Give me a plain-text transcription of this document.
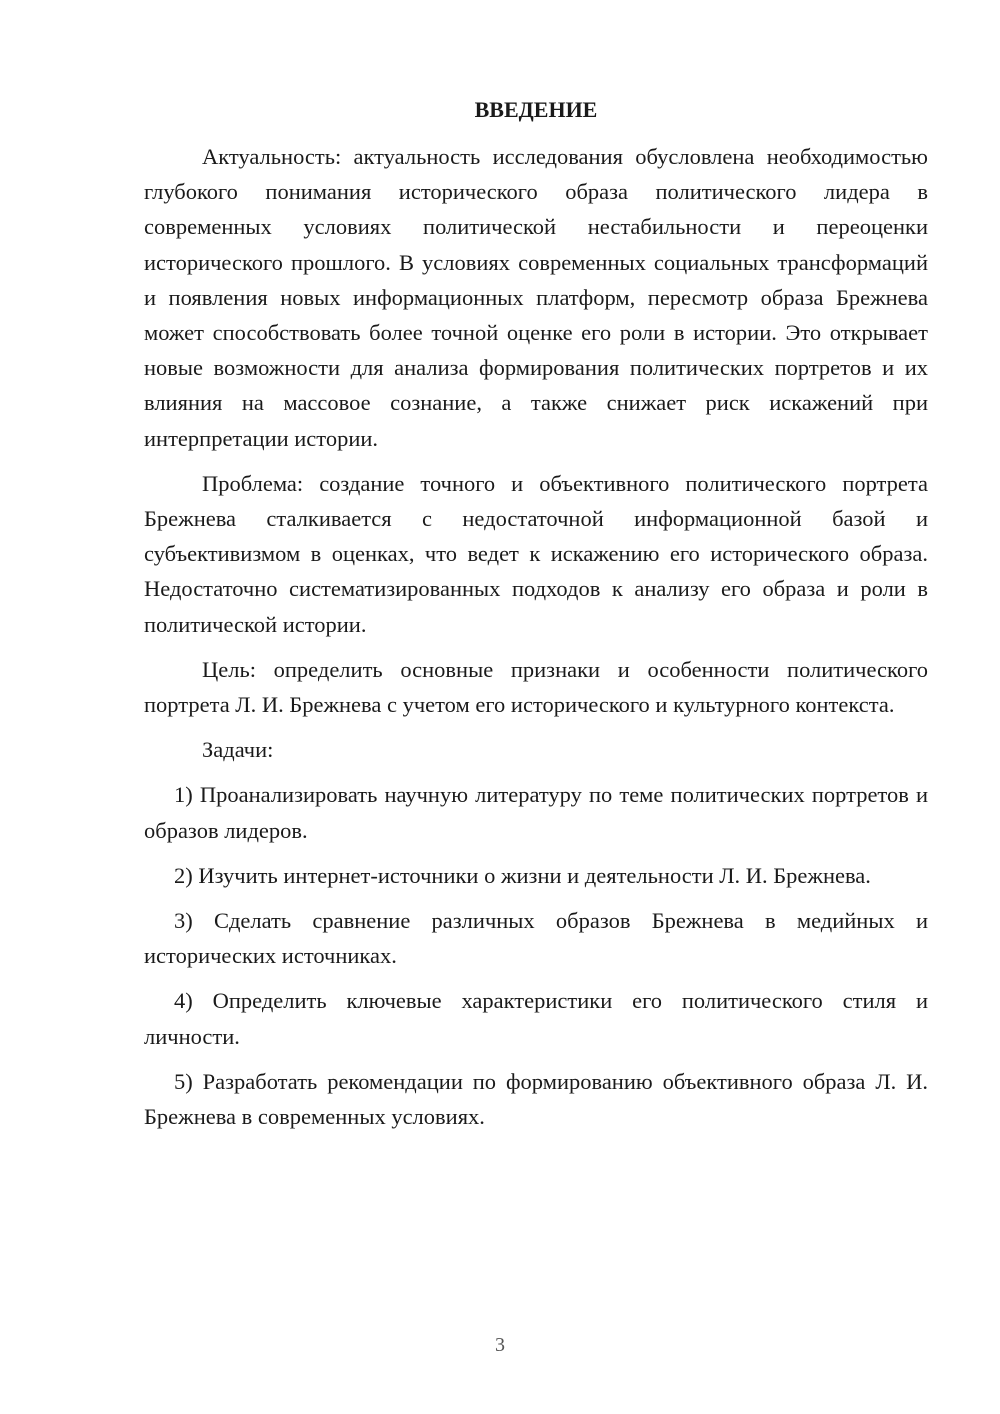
ВВЕДЕНИЕ

Актуальность: актуальность исследования обусловлена необходимостью глубокого понимания исторического образа политического лидера в современных условиях политической нестабильности и переоценки исторического прошлого. В условиях современных социальных трансформаций и появления новых информационных платформ, пересмотр образа Брежнева может способствовать более точной оценке его роли в истории. Это открывает новые возможности для анализа формирования политических портретов и их влияния на массовое сознание, а также снижает риск искажений при интерпретации истории.

Проблема: создание точного и объективного политического портрета Брежнева сталкивается с недостаточной информационной базой и субъективизмом в оценках, что ведет к искажению его исторического образа. Недостаточно систематизированных подходов к анализу его образа и роли в политической истории.

Цель: определить основные признаки и особенности политического портрета Л. И. Брежнева с учетом его исторического и культурного контекста.

Задачи:

1) Проанализировать научную литературу по теме политических портретов и образов лидеров.

2) Изучить интернет-источники о жизни и деятельности Л. И. Брежнева.

3) Сделать сравнение различных образов Брежнева в медийных и исторических источниках.

4) Определить ключевые характеристики его политического стиля и личности.

5) Разработать рекомендации по формированию объективного образа Л. И. Брежнева в современных условиях.

3
